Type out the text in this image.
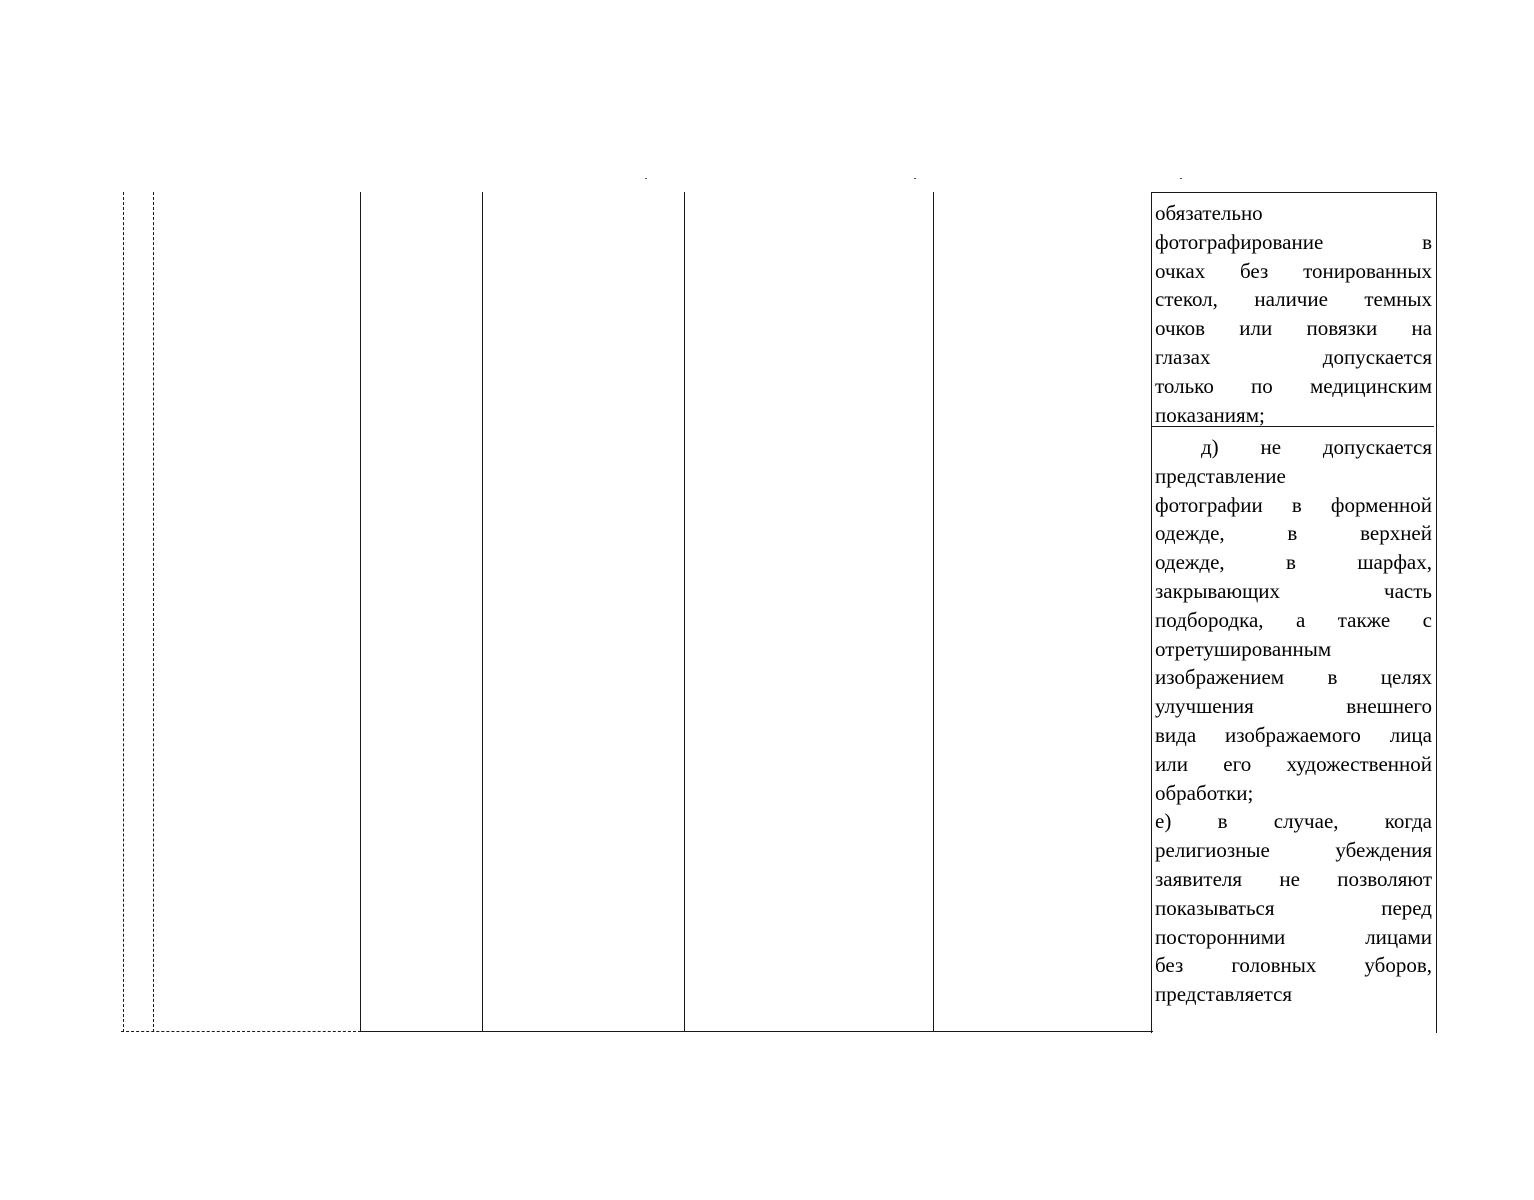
обязательно

фотографирование в

очках без тонированных

стекол, наличие темных

очков или повязки на

глазах допускается

только по медицинским

показаниям;

д) не допускается

представление

фотографии в форменной

одежде, в верхней

одежде, в шарфах,

закрывающих часть

подбородка, а также с

отретушированным

изображением в целях

улучшения внешнего

вида изображаемого лица

или его художественной

обработки;

е) в случае, когда

религиозные убеждения

заявителя не позволяют

показываться перед

посторонними лицами

без головных уборов,

представляется
